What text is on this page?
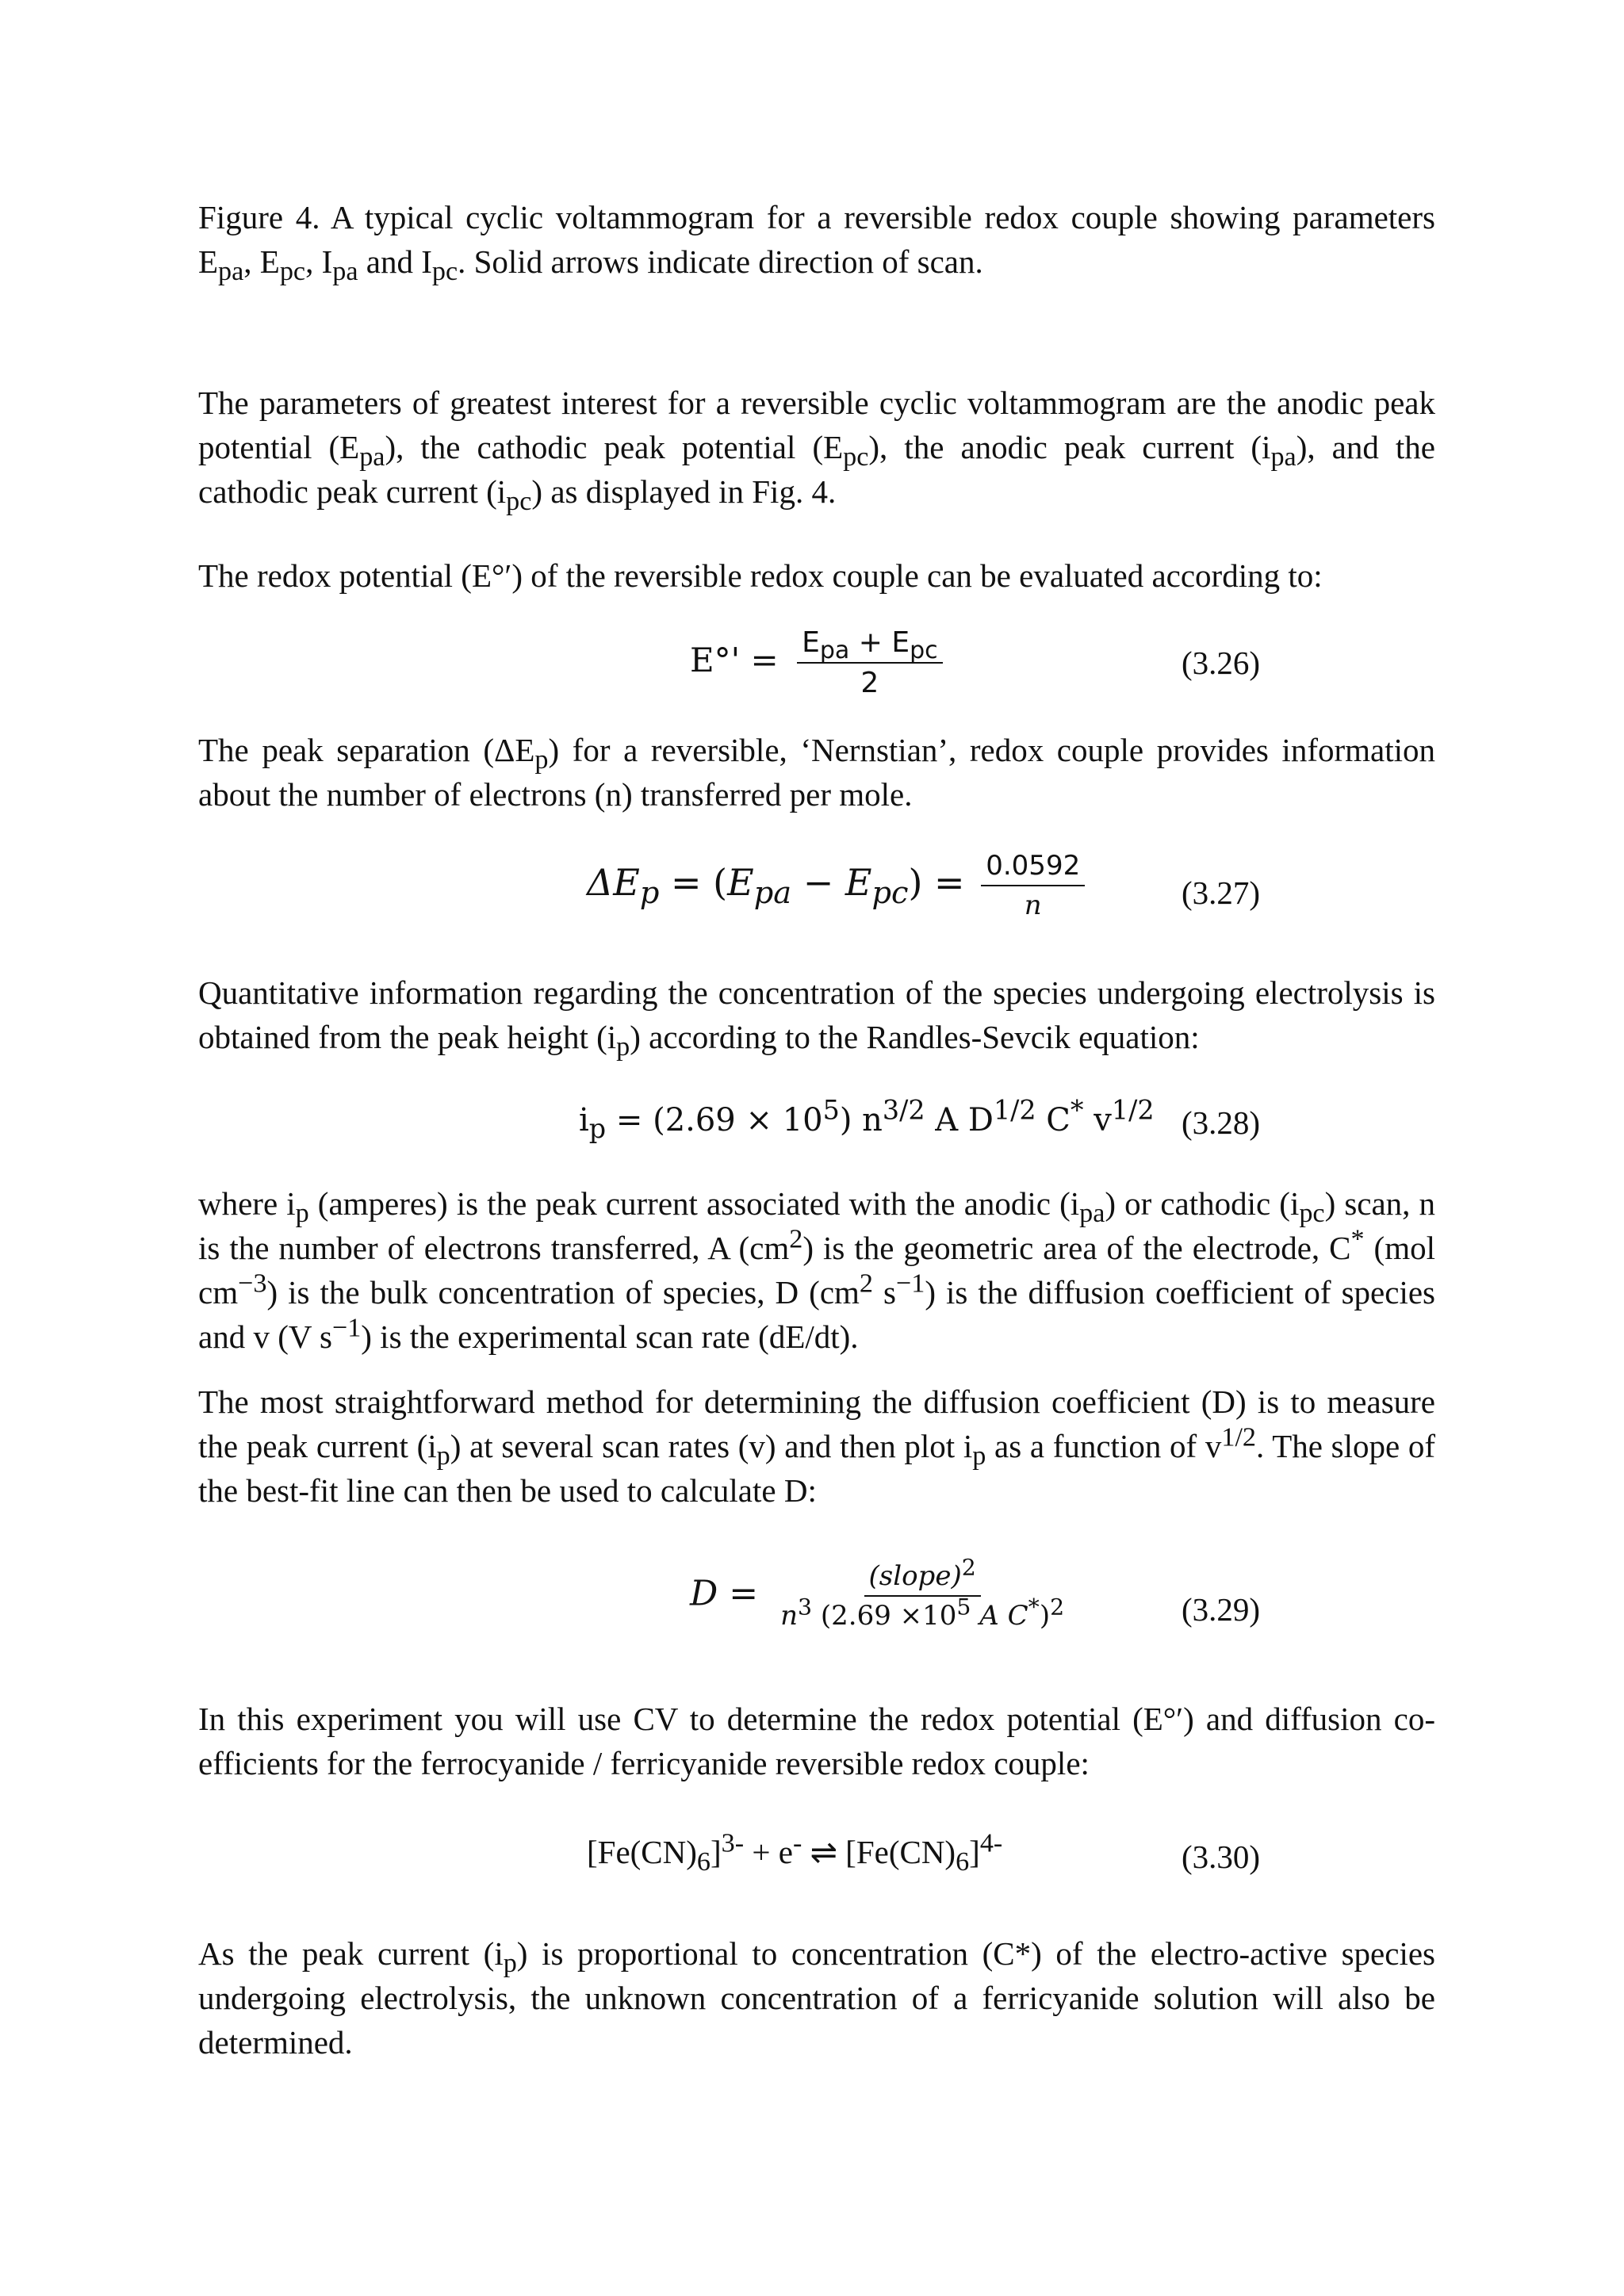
Figure 4. A typical cyclic voltammogram for a reversible redox couple showing parameters $E_{pa}$, $E_{pc}$, $I_{pa}$ and $I_{pc}$. Solid arrows indicate direction of scan.

The parameters of greatest interest for a reversible cyclic voltammogram are the anodic peak potential $(E_{pa})$, the cathodic peak potential $(E_{pc})$, the anodic peak current $(i_{pa})$, and the cathodic peak current $(i_{pc})$ as displayed in Fig. 4.

The redox potential (E°′) of the reversible redox couple can be evaluated according to:

$E^\circ' = \frac{E_{pa} + E_{pc}}{2}$	(3.26)

The peak separation $(\Delta E_p)$ for a reversible, ‘Nernstian’, redox couple provides information about the number of electrons (n) transferred per mole.

$\Delta E_p = (E_{pa} - E_{pc}) = \frac{0.0592}{n}$	(3.27)

Quantitative information regarding the concentration of the species undergoing electrolysis is obtained from the peak height $(i_p)$ according to the Randles-Sevcik equation:

$i_p = (2.69 \times 10^5)$ $n^{3/2}$ A $D^{1/2}$ C* $v^{1/2}$ (3.28)

where $i_p$ (amperes) is the peak current associated with the anodic $(i_{pa})$ or cathodic $(i_{pc})$ scan, n is the number of electrons transferred, A $(cm^2)$ is the geometric area of the electrode, C* (mol $cm^{-3}$) is the bulk concentration of species, D ($cm^2$ $s^{-1}$) is the diffusion coefficient of species and v (V $s^{-1}$) is the experimental scan rate (dE/dt).

The most straightforward method for determining the diffusion coefficient (D) is to measure the peak current $(i_p)$ at several scan rates (v) and then plot $i_p$ as a function of $v^{1/2}$. The slope of the best-fit line can then be used to calculate D:

$D = \frac{(slope)^2}{n^3 (2.69 \times 10^5 A C^*)^2}$	(3.29)

In this experiment you will use CV to determine the redox potential (E°′) and diffusion co-efficients for the ferrocyanide / ferricyanide reversible redox couple:

$[Fe(CN)_6]^{3-} + e^-$ ⇌ $[Fe(CN)_6]^{4-}$	(3.30)

As the peak current $(i_p)$ is proportional to concentration (C*) of the electro-active species undergoing electrolysis, the unknown concentration of a ferricyanide solution will also be determined.
